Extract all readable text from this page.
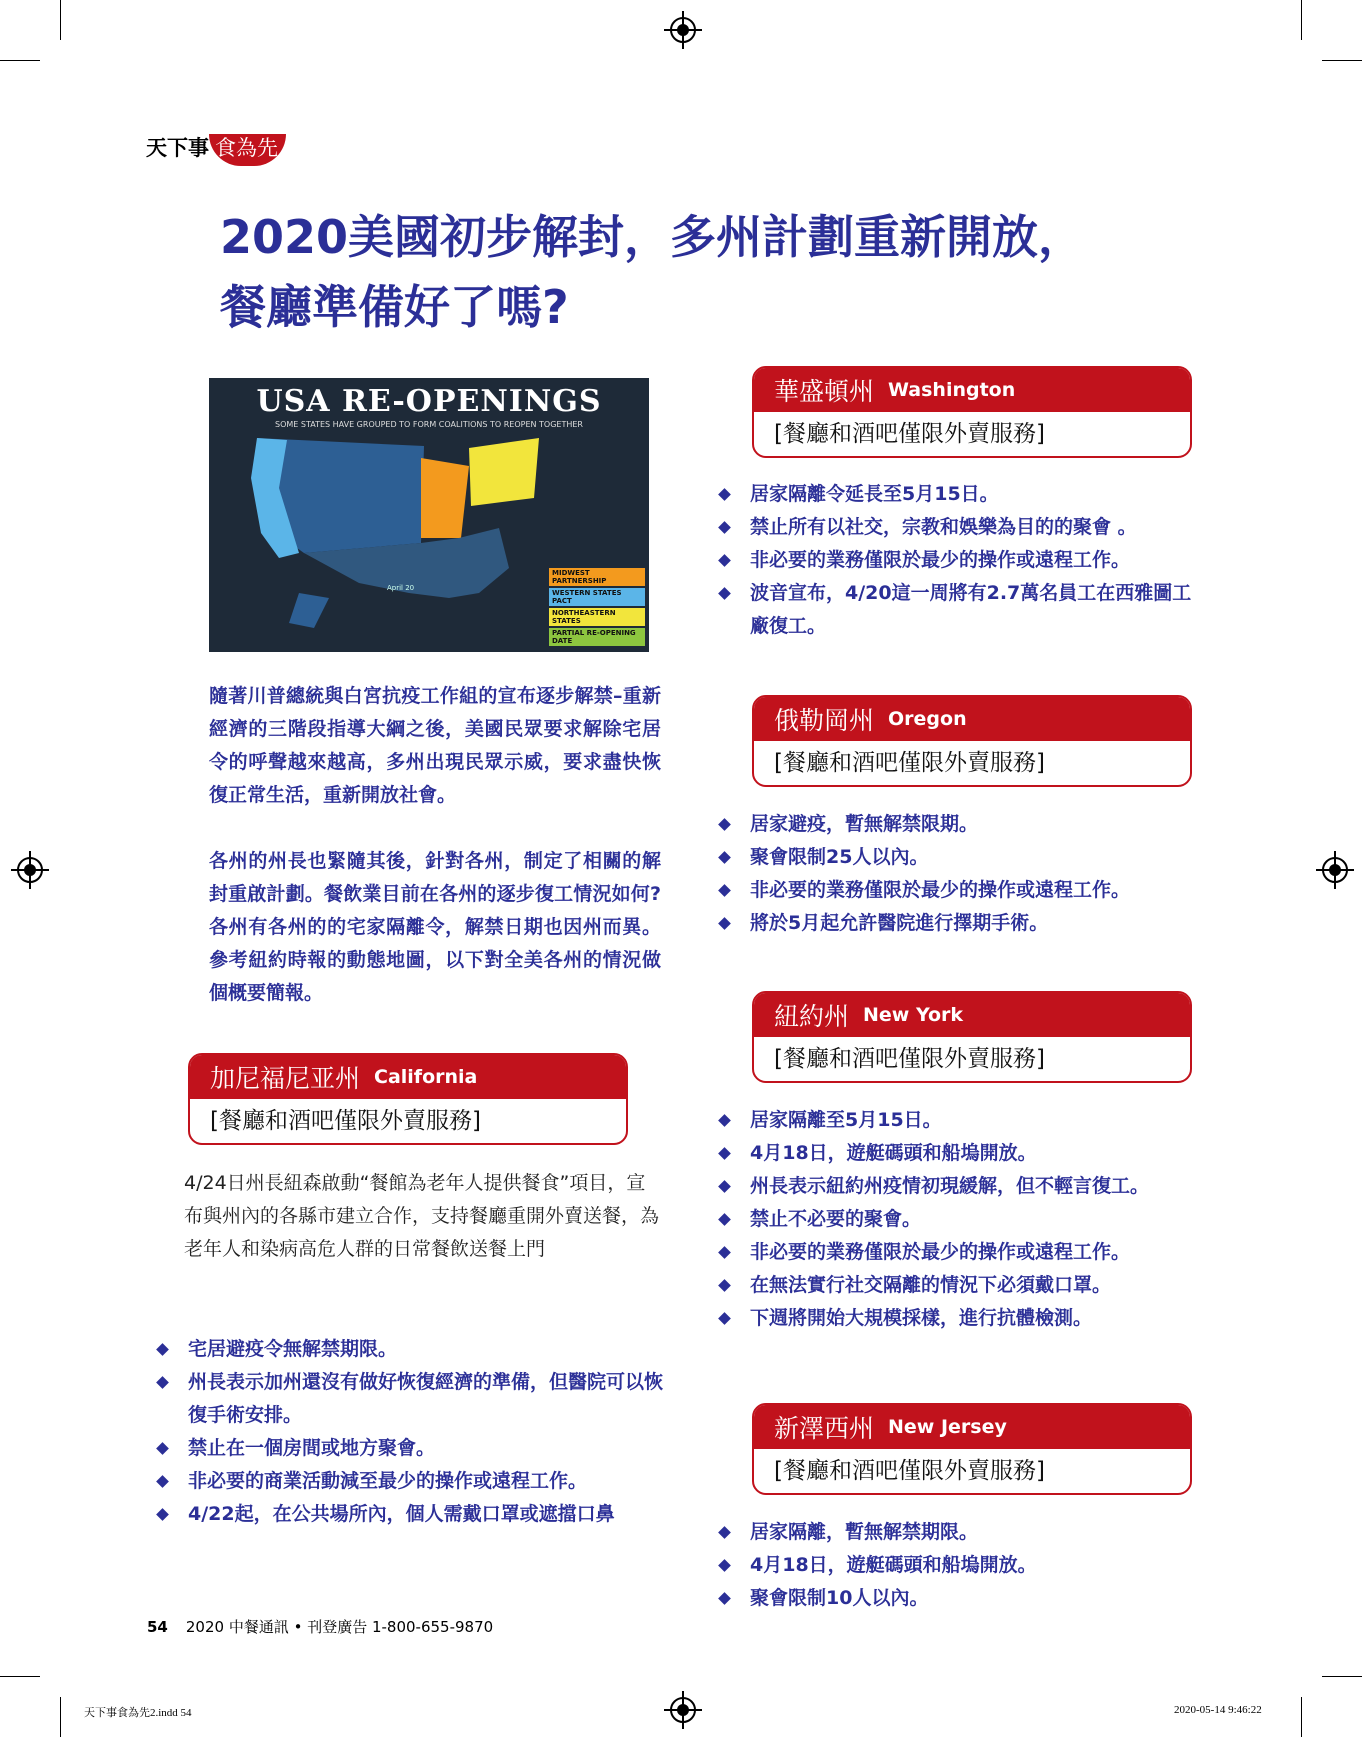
天下事 食為先
2020美國初步解封，多州計劃重新開放，
餐廳準備好了嗎?
USA RE-OPENINGS
SOME STATES HAVE GROUPED TO FORM COALITIONS TO REOPEN TOGETHER
April 20
MIDWEST PARTNERSHIP
WESTERN STATES PACT
NORTHEASTERN STATES
PARTIAL RE-OPENING DATE
隨著川普總統與白宮抗疫工作組的宣布逐步解禁–重新經濟的三階段指導大綱之後，美國民眾要求解除宅居令的呼聲越來越高，多州出現民眾示威，要求盡快恢復正常生活，重新開放社會。
各州的州長也緊隨其後，針對各州，制定了相關的解封重啟計劃。餐飲業目前在各州的逐步復工情況如何? 各州有各州的的宅家隔離令，解禁日期也因州而異。參考紐約時報的動態地圖，以下對全美各州的情況做個概要簡報。
加尼福尼亚州 California
[餐廳和酒吧僅限外賣服務]
4/24日州長紐森啟動“餐館為老年人提供餐食”項目，宣布與州內的各縣市建立合作，支持餐廳重開外賣送餐，為老年人和染病高危人群的日常餐飲送餐上門
宅居避疫令無解禁期限。
州長表示加州還沒有做好恢復經濟的準備，但醫院可以恢復手術安排。
禁止在一個房間或地方聚會。
非必要的商業活動減至最少的操作或遠程工作。
4/22起，在公共場所內，個人需戴口罩或遮擋口鼻
華盛頓州 Washington
[餐廳和酒吧僅限外賣服務]
居家隔離令延長至5月15日。
禁止所有以社交，宗教和娛樂為目的的聚會 。
非必要的業務僅限於最少的操作或遠程工作。
波音宣布，4/20這一周將有2.7萬名員工在西雅圖工廠復工。
俄勒岡州 Oregon
[餐廳和酒吧僅限外賣服務]
居家避疫，暫無解禁限期。
聚會限制25人以內。
非必要的業務僅限於最少的操作或遠程工作。
將於5月起允許醫院進行擇期手術。
紐約州 New York
[餐廳和酒吧僅限外賣服務]
居家隔離至5月15日。
4月18日，遊艇碼頭和船塢開放。
州長表示紐約州疫情初現緩解，但不輕言復工。
禁止不必要的聚會。
非必要的業務僅限於最少的操作或遠程工作。
在無法實行社交隔離的情況下必須戴口罩。
下週將開始大規模採樣，進行抗體檢測。
新澤西州 New Jersey
[餐廳和酒吧僅限外賣服務]
居家隔離，暫無解禁期限。
4月18日，遊艇碼頭和船塢開放。
聚會限制10人以內。
54 2020 中餐通訊 • 刊登廣告 1-800-655-9870
天下事食為先2.indd 54	2020-05-14 9:46:22
